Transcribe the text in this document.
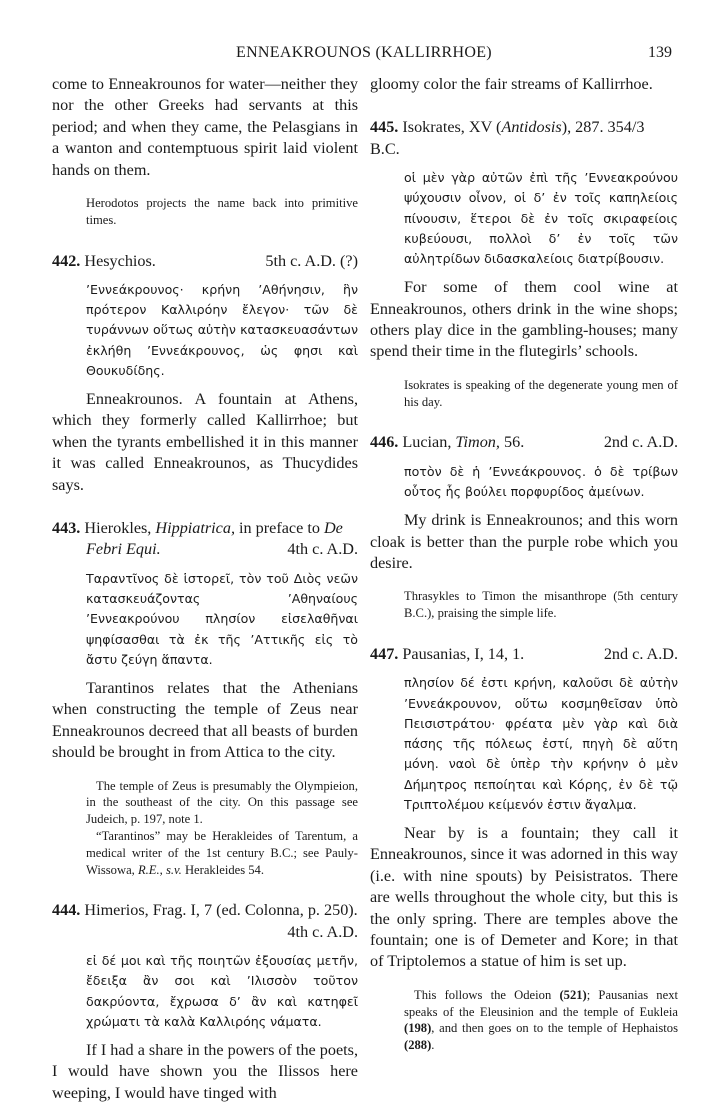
ENNEAKROUNOS (KALLIRRHOE)	139

come to Enneakrounos for water—neither they nor the other Greeks had servants at this period; and when they came, the Pelasgians in a wanton and contemptuous spirit laid violent hands on them.

Herodotos projects the name back into primitive times.

442. Hesychios.	5th c. A.D. (?)

’Εννεάκρουνος· κρήνη ’Αθήνησιν, ἣν πρότερον Καλλιρόην ἔλεγον· τῶν δὲ τυράννων οὕτως αὐτὴν κατασκευασάντων ἐκλήθη ’Εννεάκρουνος, ὡς φησι καὶ Θουκυδίδης.

Enneakrounos. A fountain at Athens, which they formerly called Kallirrhoe; but when the tyrants embellished it in this manner it was called Enneakrounos, as Thucydides says.

443. Hierokles, Hippiatrica, in preface to De Febri Equi.	4th c. A.D.

Ταραντῖνος δὲ ἱστορεῖ, τὸν τοῦ Διὸς νεῶν κατασκευάζοντας ’Αθηναίους ’Εννεακρούνου πλησίον εἰσελαθῆναι ψηφίσασθαι τὰ ἐκ τῆς ’Αττικῆς εἰς τὸ ἄστυ ζεύγη ἅπαντα.

Tarantinos relates that the Athenians when constructing the temple of Zeus near Enneakrounos decreed that all beasts of burden should be brought in from Attica to the city.

The temple of Zeus is presumably the Olympieion, in the southeast of the city. On this passage see Judeich, p. 197, note 1.

“Tarantinos” may be Herakleides of Tarentum, a medical writer of the 1st century B.C.; see Pauly-Wissowa, R.E., s.v. Herakleides 54.

444. Himerios, Frag. I, 7 (ed. Colonna, p. 250).
4th c. A.D.

εἰ δέ μοι καὶ τῆς ποιητῶν ἐξουσίας μετῆν, ἔδειξα ἂν σοι καὶ ’Ιλισσὸν τοῦτον δακρύοντα, ἔχρωσα δ’ ἂν καὶ κατηφεῖ χρώματι τὰ καλὰ Καλλιρόης νάματα.

If I had a share in the powers of the poets, I would have shown you the Ilissos here weeping, I would have tinged with

gloomy color the fair streams of Kallirrhoe.

445. Isokrates, XV (Antidosis), 287. 354/3 B.C.

οἱ μὲν γὰρ αὐτῶν ἐπὶ τῆς ’Εννεακρούνου ψύχουσιν οἶνον, οἱ δ’ ἐν τοῖς καπηλείοις πίνουσιν, ἕτεροι δὲ ἐν τοῖς σκιραφείοις κυβεύουσι, πολλοὶ δ’ ἐν τοῖς τῶν αὐλητρίδων διδασκαλείοις διατρίβουσιν.

For some of them cool wine at Enneakrounos, others drink in the wine shops; others play dice in the gambling-houses; many spend their time in the flutegirls’ schools.

Isokrates is speaking of the degenerate young men of his day.

446. Lucian, Timon, 56.	2nd c. A.D.

ποτὸν δὲ ἡ ’Εννεάκρουνος. ὁ δὲ τρίβων οὗτος ἧς βούλει πορφυρίδος ἀμείνων.

My drink is Enneakrounos; and this worn cloak is better than the purple robe which you desire.

Thrasykles to Timon the misanthrope (5th century B.C.), praising the simple life.

447. Pausanias, I, 14, 1.	2nd c. A.D.

πλησίον δέ ἐστι κρήνη, καλοῦσι δὲ αὐτὴν ’Εννεάκρουνον, οὕτω κοσμηθεῖσαν ὑπὸ Πεισιστράτου· φρέατα μὲν γὰρ καὶ διὰ πάσης τῆς πόλεως ἐστί, πηγὴ δὲ αὕτη μόνη. ναοὶ δὲ ὑπὲρ τὴν κρήνην ὁ μὲν Δήμητρος πεποίηται καὶ Κόρης, ἐν δὲ τῷ Τριπτολέμου κείμενόν ἐστιν ἄγαλμα.

Near by is a fountain; they call it Enneakrounos, since it was adorned in this way (i.e. with nine spouts) by Peisistratos. There are wells throughout the whole city, but this is the only spring. There are temples above the fountain; one is of Demeter and Kore; in that of Triptolemos a statue of him is set up.

This follows the Odeion (521); Pausanias next speaks of the Eleusinion and the temple of Eukleia (198), and then goes on to the temple of Hephaistos (288).
